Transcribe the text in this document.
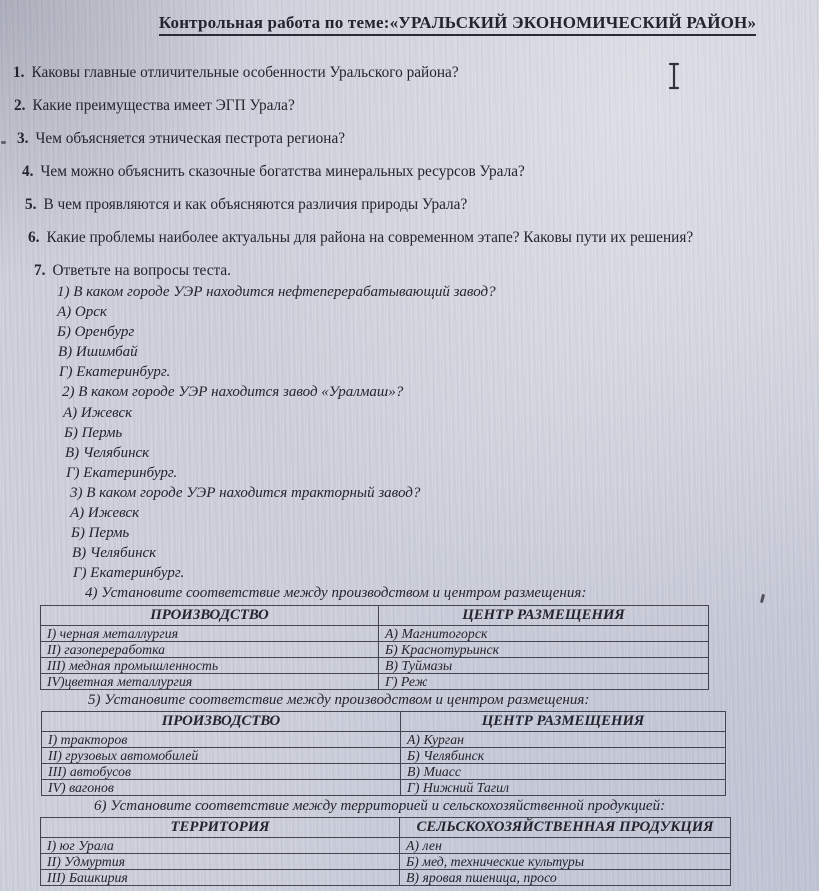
Контрольная работа по теме:«УРАЛЬСКИЙ ЭКОНОМИЧЕСКИЙ РАЙОН»
1. Каковы главные отличительные особенности Уральского района?
2. Какие преимущества имеет ЭГП Урала?
3. Чем объясняется этническая пестрота региона?
4. Чем можно объяснить сказочные богатства минеральных ресурсов Урала?
5. В чем проявляются и как объясняются различия природы Урала?
6. Какие проблемы наиболее актуальны для района на современном этапе? Каковы пути их решения?
7. Ответьте на вопросы теста.
1) В каком городе УЭР находится нефтеперерабатывающий завод?
А) Орск
Б) Оренбург
В) Ишимбай
Г) Екатеринбург.
2) В каком городе УЭР находится завод «Уралмаш»?
А) Ижевск
Б) Пермь
В) Челябинск
Г) Екатеринбург.
3) В каком городе УЭР находится тракторный завод?
А) Ижевск
Б) Пермь
В) Челябинск
Г) Екатеринбург.
4) Установите соответствие между производством и центром размещения:
ПРОИЗВОДСТВО	ЦЕНТР РАЗМЕЩЕНИЯ
I) черная металлургия	А) Магнитогорск
II) газопереработка	Б) Краснотурьинск
III) медная промышленность	В) Туймазы
IV)цветная металлургия	Г) Реж
5) Установите соответствие между производством и центром размещения:
ПРОИЗВОДСТВО	ЦЕНТР РАЗМЕЩЕНИЯ
I) тракторов	А) Курган
II) грузовых автомобилей	Б) Челябинск
III) автобусов	В) Миасс
IV) вагонов	Г) Нижний Тагил
6) Установите соответствие между территорией и сельскохозяйственной продукцией:
ТЕРРИТОРИЯ	СЕЛЬСКОХОЗЯЙСТВЕННАЯ ПРОДУКЦИЯ
I) юг Урала	А) лен
II) Удмуртия	Б) мед, технические культуры
III) Башкирия	В) яровая пшеница, просо
